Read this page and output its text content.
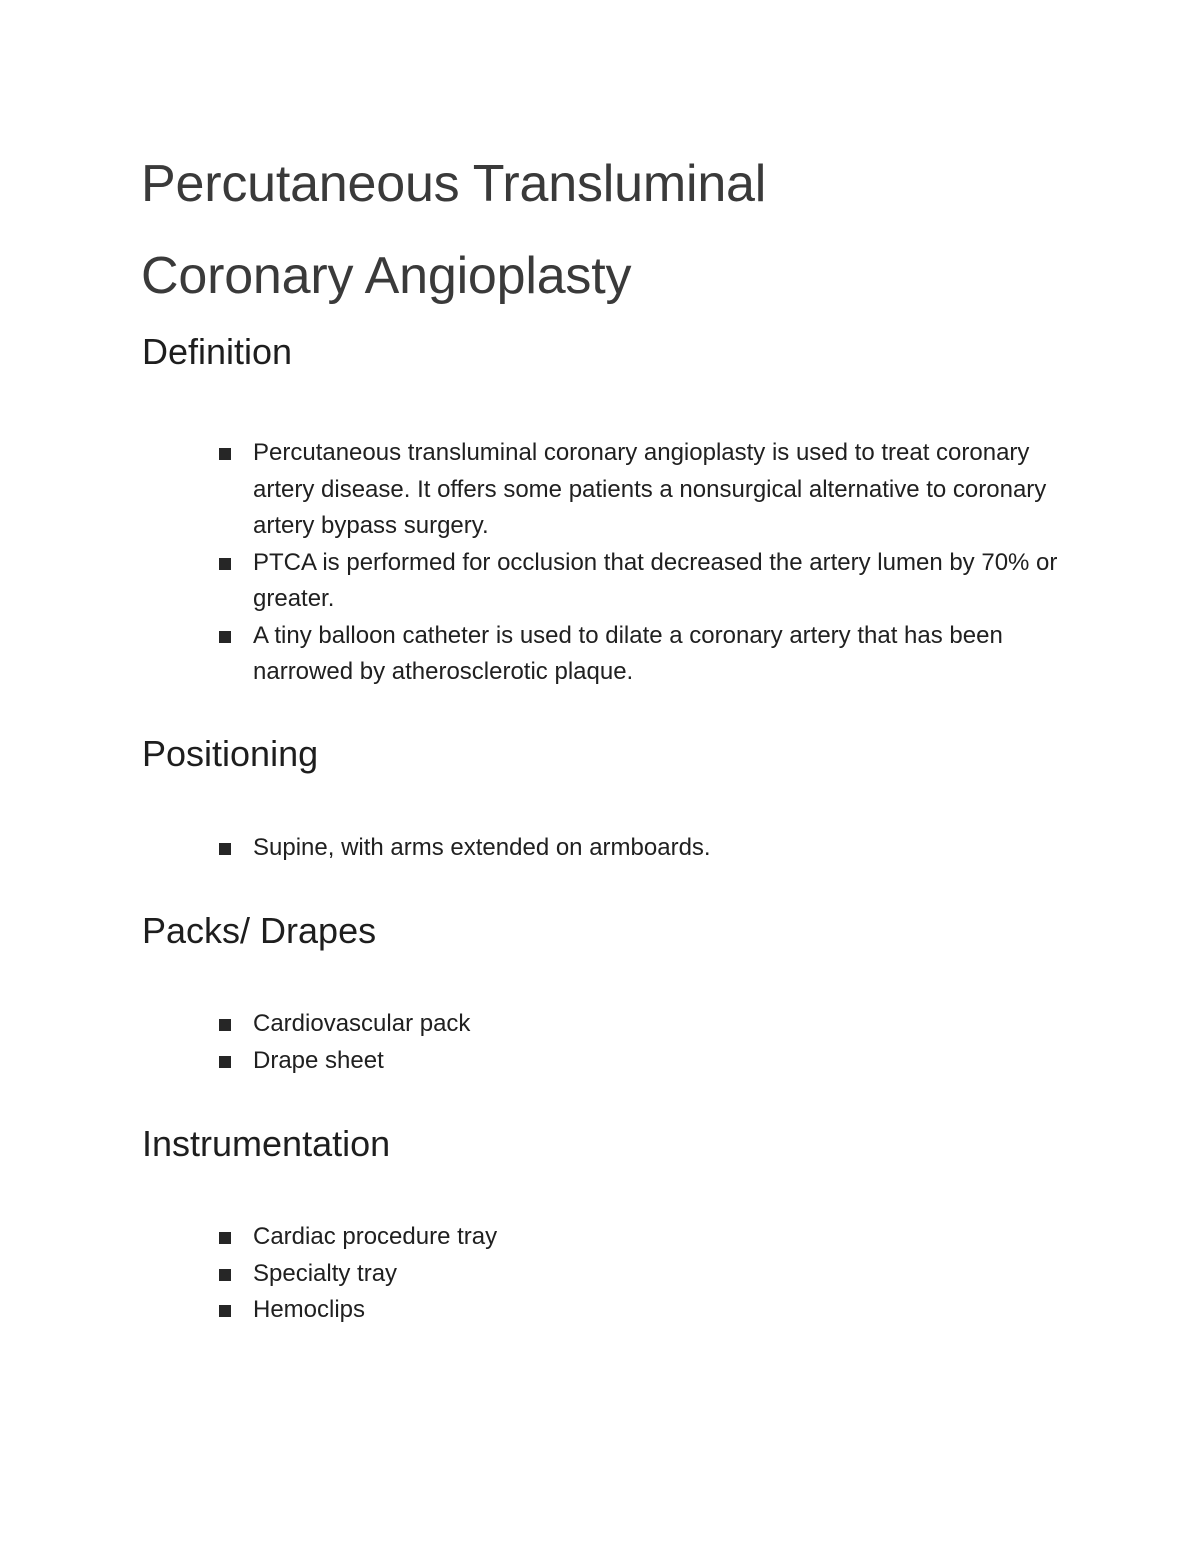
Percutaneous Transluminal
Coronary Angioplasty
Definition
Percutaneous transluminal coronary angioplasty is used to treat coronary artery disease. It offers some patients a nonsurgical alternative to coronary artery bypass surgery.
PTCA is performed for occlusion that decreased the artery lumen by 70% or greater.
A tiny balloon catheter is used to dilate a coronary artery that has been narrowed by atherosclerotic plaque.
Positioning
Supine, with arms extended on armboards.
Packs/ Drapes
Cardiovascular pack
Drape sheet
Instrumentation
Cardiac procedure tray
Specialty tray
Hemoclips
